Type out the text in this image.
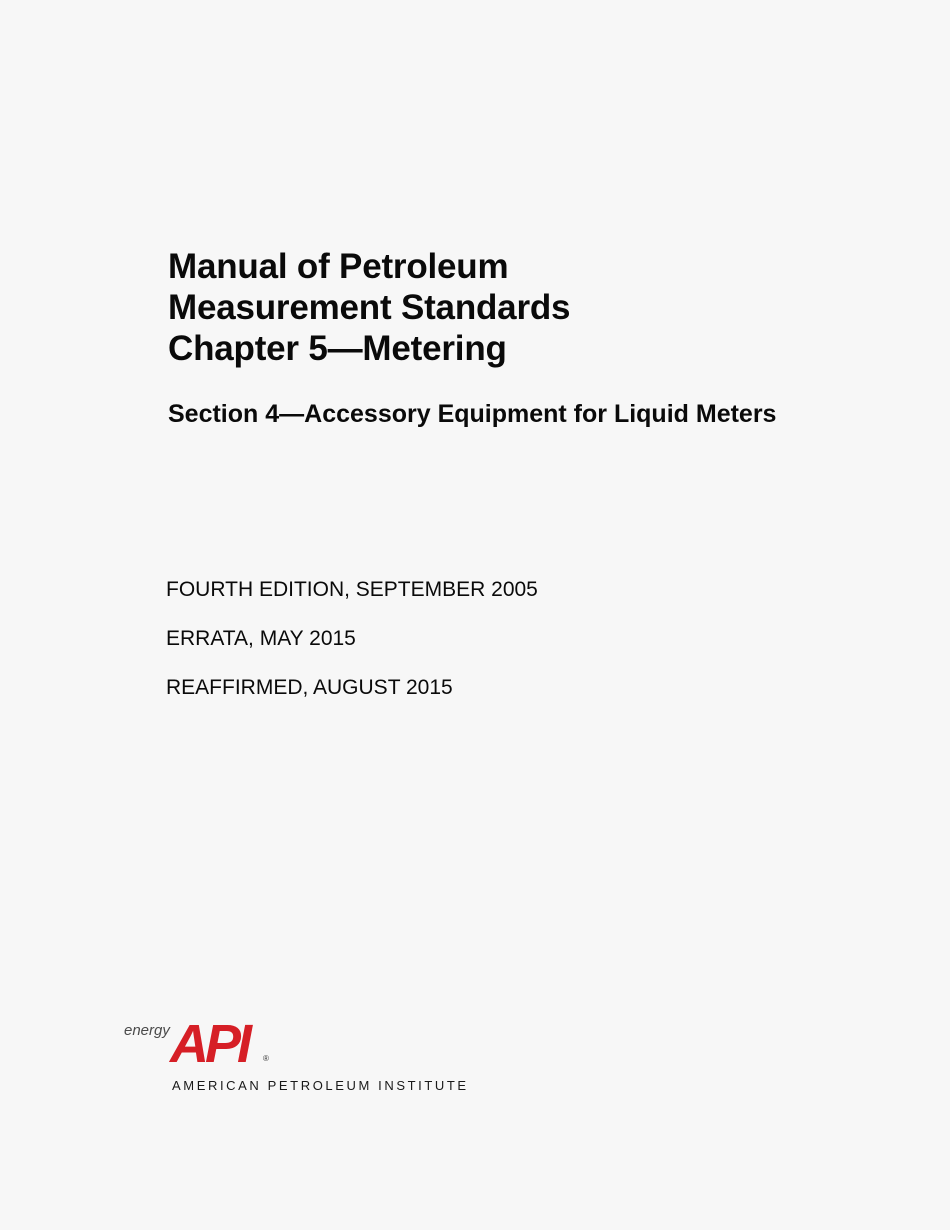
Manual of Petroleum
Measurement Standards
Chapter 5—Metering
Section 4—Accessory Equipment for Liquid Meters
FOURTH EDITION, SEPTEMBER 2005
ERRATA, MAY 2015
REAFFIRMED, AUGUST 2015
energy API	®
AMERICAN PETROLEUM INSTITUTE
